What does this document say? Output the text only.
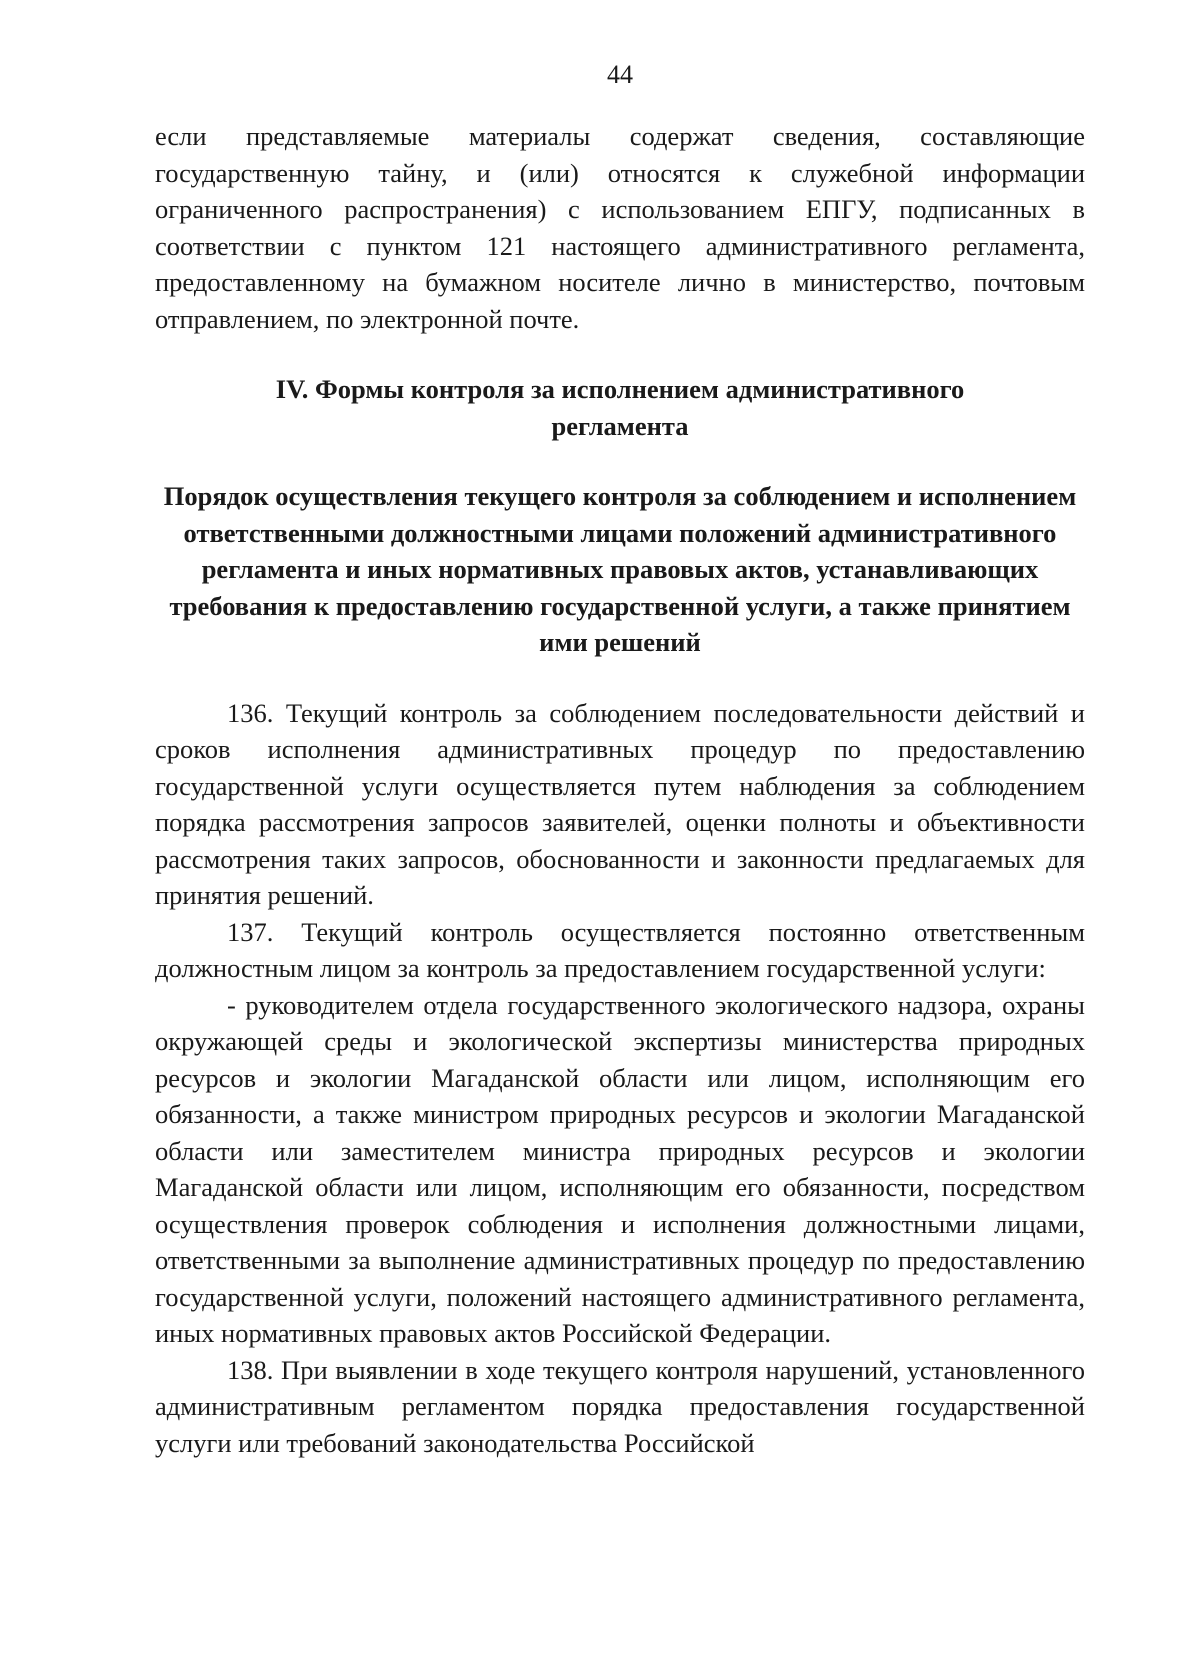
44

если представляемые материалы содержат сведения, составляющие государственную тайну, и (или) относятся к служебной информации ограниченного распространения) с использованием ЕПГУ, подписанных в соответствии с пунктом 121 настоящего административного регламента, предоставленному на бумажном носителе лично в министерство, почтовым отправлением, по электронной почте.

IV. Формы контроля за исполнением административного регламента
Порядок осуществления текущего контроля за соблюдением и исполнением ответственными должностными лицами положений административного регламента и иных нормативных правовых актов, устанавливающих требования к предоставлению государственной услуги, а также принятием ими решений

136. Текущий контроль за соблюдением последовательности действий и сроков исполнения административных процедур по предоставлению государственной услуги осуществляется путем наблюдения за соблюдением порядка рассмотрения запросов заявителей, оценки полноты и объективности рассмотрения таких запросов, обоснованности и законности предлагаемых для принятия решений.

137. Текущий контроль осуществляется постоянно ответственным должностным лицом за контроль за предоставлением государственной услуги:

- руководителем отдела государственного экологического надзора, охраны окружающей среды и экологической экспертизы министерства природных ресурсов и экологии Магаданской области или лицом, исполняющим его обязанности, а также министром природных ресурсов и экологии Магаданской области или заместителем министра природных ресурсов и экологии Магаданской области или лицом, исполняющим его обязанности, посредством осуществления проверок соблюдения и исполнения должностными лицами, ответственными за выполнение административных процедур по предоставлению государственной услуги, положений настоящего административного регламента, иных нормативных правовых актов Российской Федерации.

138. При выявлении в ходе текущего контроля нарушений, установленного административным регламентом порядка предоставления государственной услуги или требований законодательства Российской
